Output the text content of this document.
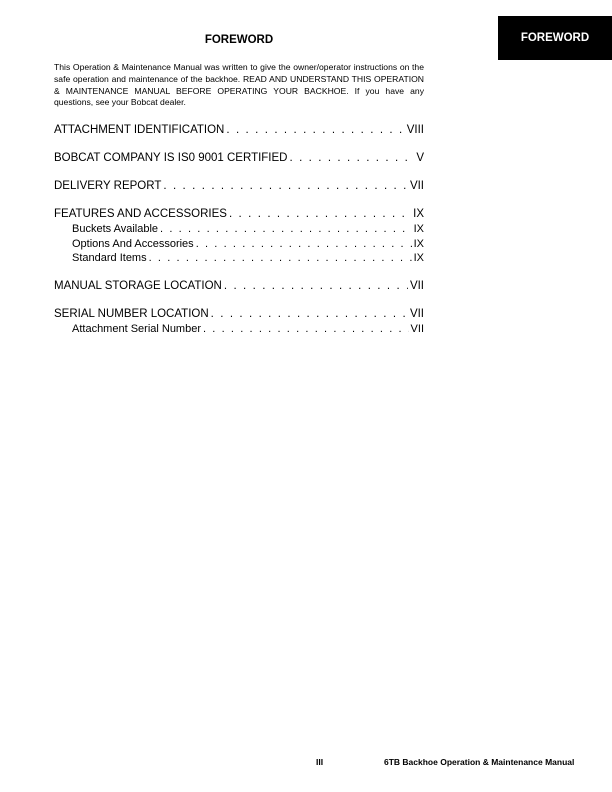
FOREWORD
FOREWORD

This Operation & Maintenance Manual was written to give the owner/operator instructions on the safe operation and maintenance of the backhoe. READ AND UNDERSTAND THIS OPERATION & MAINTENANCE MANUAL BEFORE OPERATING YOUR BACKHOE. If you have any questions, see your Bobcat dealer.

ATTACHMENT IDENTIFICATION . . .	VIII
BOBCAT COMPANY IS IS0 9001 CERTIFIED . . .	V
DELIVERY REPORT . . .	VII
FEATURES AND ACCESSORIES . . .	IX
Buckets Available . . .	IX
Options And Accessories . . .	IX
Standard Items . . .	IX
MANUAL STORAGE LOCATION . . .	VII
SERIAL NUMBER LOCATION . . .	VII
Attachment Serial Number . . .	VII
III	6TB Backhoe Operation & Maintenance Manual
